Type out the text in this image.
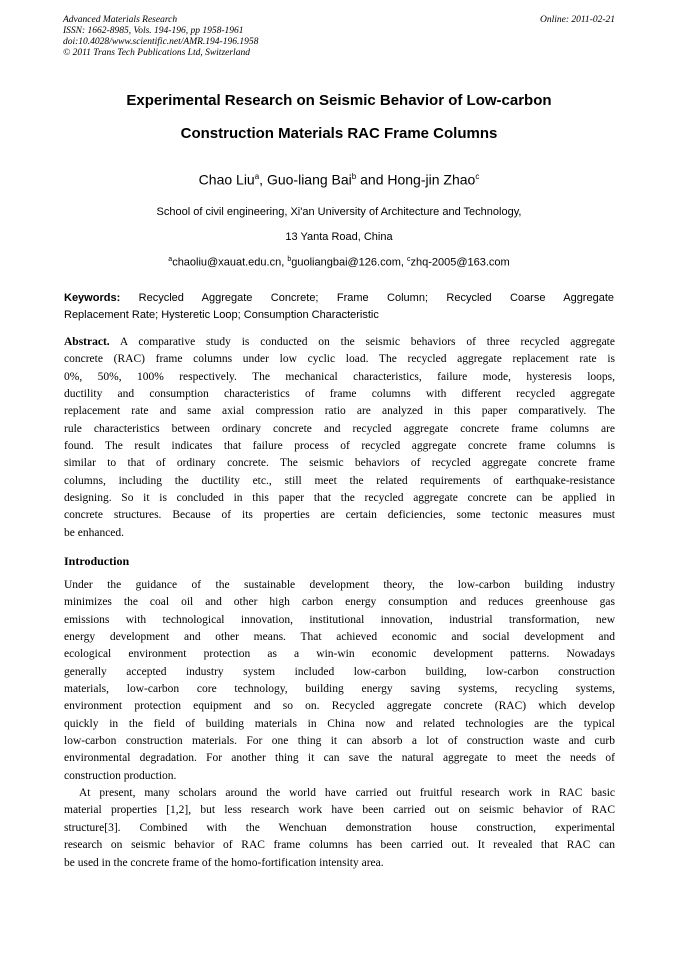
Advanced Materials Research
ISSN: 1662-8985, Vols. 194-196, pp 1958-1961
doi:10.4028/www.scientific.net/AMR.194-196.1958
© 2011 Trans Tech Publications Ltd, Switzerland
Online: 2011-02-21
Experimental Research on Seismic Behavior of Low-carbon
Construction Materials RAC Frame Columns
Chao Liu$^a$, Guo-liang Bai$^b$ and Hong-jin Zhao$^c$
School of civil engineering, Xi'an University of Architecture and Technology,
13 Yanta Road, China
$^a$chaoliu@xauat.edu.cn, $^b$guoliangbai@126.com, $^c$zhq-2005@163.com
Keywords: Recycled Aggregate Concrete; Frame Column; Recycled Coarse Aggregate
Replacement Rate; Hysteretic Loop; Consumption Characteristic
Abstract. A comparative study is conducted on the seismic behaviors of three recycled aggregate
concrete (RAC) frame columns under low cyclic load. The recycled aggregate replacement rate is
0%, 50%, 100% respectively. The mechanical characteristics, failure mode, hysteresis loops,
ductility and consumption characteristics of frame columns with different recycled aggregate
replacement rate and same axial compression ratio are analyzed in this paper comparatively. The
rule characteristics between ordinary concrete and recycled aggregate concrete frame columns are
found. The result indicates that failure process of recycled aggregate concrete frame columns is
similar to that of ordinary concrete. The seismic behaviors of recycled aggregate concrete frame
columns, including the ductility etc., still meet the related requirements of earthquake-resistance
designing. So it is concluded in this paper that the recycled aggregate concrete can be applied in
concrete structures. Because of its properties are certain deficiencies, some tectonic measures must
be enhanced.
Introduction
Under the guidance of the sustainable development theory, the low-carbon building industry
minimizes the coal oil and other high carbon energy consumption and reduces greenhouse gas
emissions with technological innovation, institutional innovation, industrial transformation, new
energy development and other means. That achieved economic and social development and
ecological environment protection as a win-win economic development patterns. Nowadays
generally accepted industry system included low-carbon building, low-carbon construction
materials, low-carbon core technology, building energy saving systems, recycling systems,
environment protection equipment and so on. Recycled aggregate concrete (RAC) which develop
quickly in the field of building materials in China now and related technologies are the typical
low-carbon construction materials. For one thing it can absorb a lot of construction waste and curb
environmental degradation. For another thing it can save the natural aggregate to meet the needs of
construction production.
At present, many scholars around the world have carried out fruitful research work in RAC basic
material properties [1,2], but less research work have been carried out on seismic behavior of RAC
structure[3]. Combined with the Wenchuan demonstration house construction, experimental
research on seismic behavior of RAC frame columns has been carried out. It revealed that RAC can
be used in the concrete frame of the homo-fortification intensity area.
